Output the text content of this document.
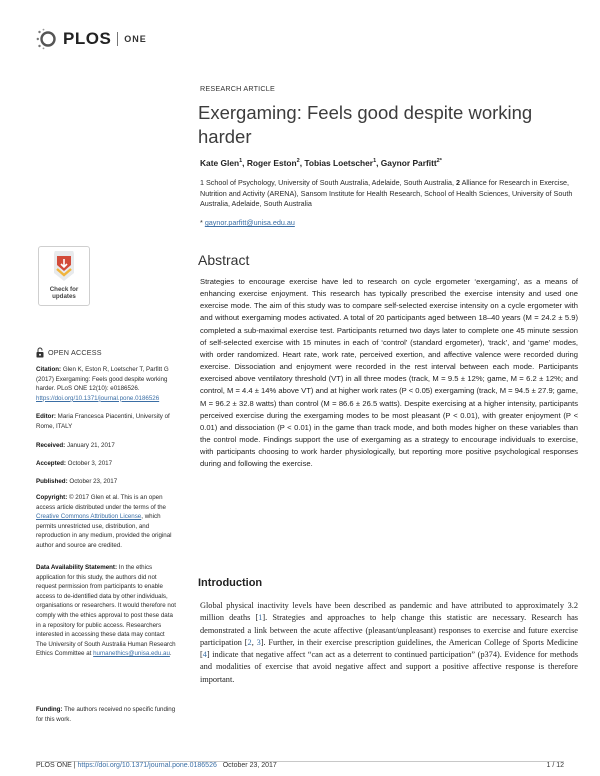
PLOS ONE
RESEARCH ARTICLE
Exergaming: Feels good despite working harder
Kate Glen$^1$, Roger Eston$^2$, Tobias Loetscher$^1$, Gaynor Parfitt$^{2*}$
1 School of Psychology, University of South Australia, Adelaide, South Australia, 2 Alliance for Research in Exercise, Nutrition and Activity (ARENA), Sansom Institute for Health Research, School of Health Sciences, University of South Australia, Adelaide, South Australia
* gaynor.parfitt@unisa.edu.au
Abstract
Strategies to encourage exercise have led to research on cycle ergometer ‘exergaming’, as a means of enhancing exercise enjoyment. This research has typically prescribed the exercise intensity and used one exercise mode. The aim of this study was to compare self-selected exercise intensity on a cycle ergometer with and without exergaming modes activated. A total of 20 participants aged between 18–40 years (M = 24.2 ± 5.9) completed a sub-maximal exercise test. Participants returned two days later to complete one 45 minute session of self-selected exercise with 15 minutes in each of ‘control’ (standard ergometer), ‘track’, and ‘game’ modes, with order randomized. Heart rate, work rate, perceived exertion, and affective valence were recorded during exercise. Dissociation and enjoyment were recorded in the rest interval between each mode. Participants exercised above ventilatory threshold (VT) in all three modes (track, M = 9.5 ± 12%; game, M = 6.2 ± 12%; and control, M = 4.4 ± 14% above VT) and at higher work rates (P < 0.05) exergaming (track, M = 94.5 ± 27.9; game, M = 96.2 ± 32.8 watts) than control (M = 86.6 ± 26.5 watts). Despite exercising at a higher intensity, participants perceived exercise during the exergaming modes to be most pleasant (P < 0.01), with greater enjoyment (P < 0.01) and dissociation (P < 0.01) in the game than track mode, and both modes higher on these variables than the control mode. Findings support the use of exergaming as a strategy to encourage individuals to exercise, with participants choosing to work harder physiologically, but reporting more positive psychological responses during and following the exercise.
Introduction
Global physical inactivity levels have been described as pandemic and have attributed to approximately 3.2 million deaths [1]. Strategies and approaches to help change this statistic are necessary. Research has demonstrated a link between the acute affective (pleasant/unpleasant) responses to exercise and future exercise participation [2, 3]. Further, in their exercise prescription guidelines, the American College of Sports Medicine [4] indicate that negative affect “can act as a deterrent to continued participation” (p374). Evidence for methods and modalities of exercise that avoid negative affect and support a positive affective response is therefore important.
Check for updates
OPEN ACCESS
Citation: Glen K, Eston R, Loetscher T, Parfitt G (2017) Exergaming: Feels good despite working harder. PLoS ONE 12(10): e0186526. https://doi.org/10.1371/journal.pone.0186526
Editor: Maria Francesca Piacentini, University of Rome, ITALY
Received: January 21, 2017
Accepted: October 3, 2017
Published: October 23, 2017
Copyright: © 2017 Glen et al. This is an open access article distributed under the terms of the Creative Commons Attribution License, which permits unrestricted use, distribution, and reproduction in any medium, provided the original author and source are credited.
Data Availability Statement: In the ethics application for this study, the authors did not request permission from participants to enable access to de-identified data by other individuals, organisations or researchers. It would therefore not comply with the ethics approval to post these data in a repository for public access. Researchers interested in accessing these data may contact The University of South Australia Human Research Ethics Committee at humanethics@unisa.edu.au.
Funding: The authors received no specific funding for this work.
PLOS ONE | https://doi.org/10.1371/journal.pone.0186526 October 23, 2017	1 / 12
